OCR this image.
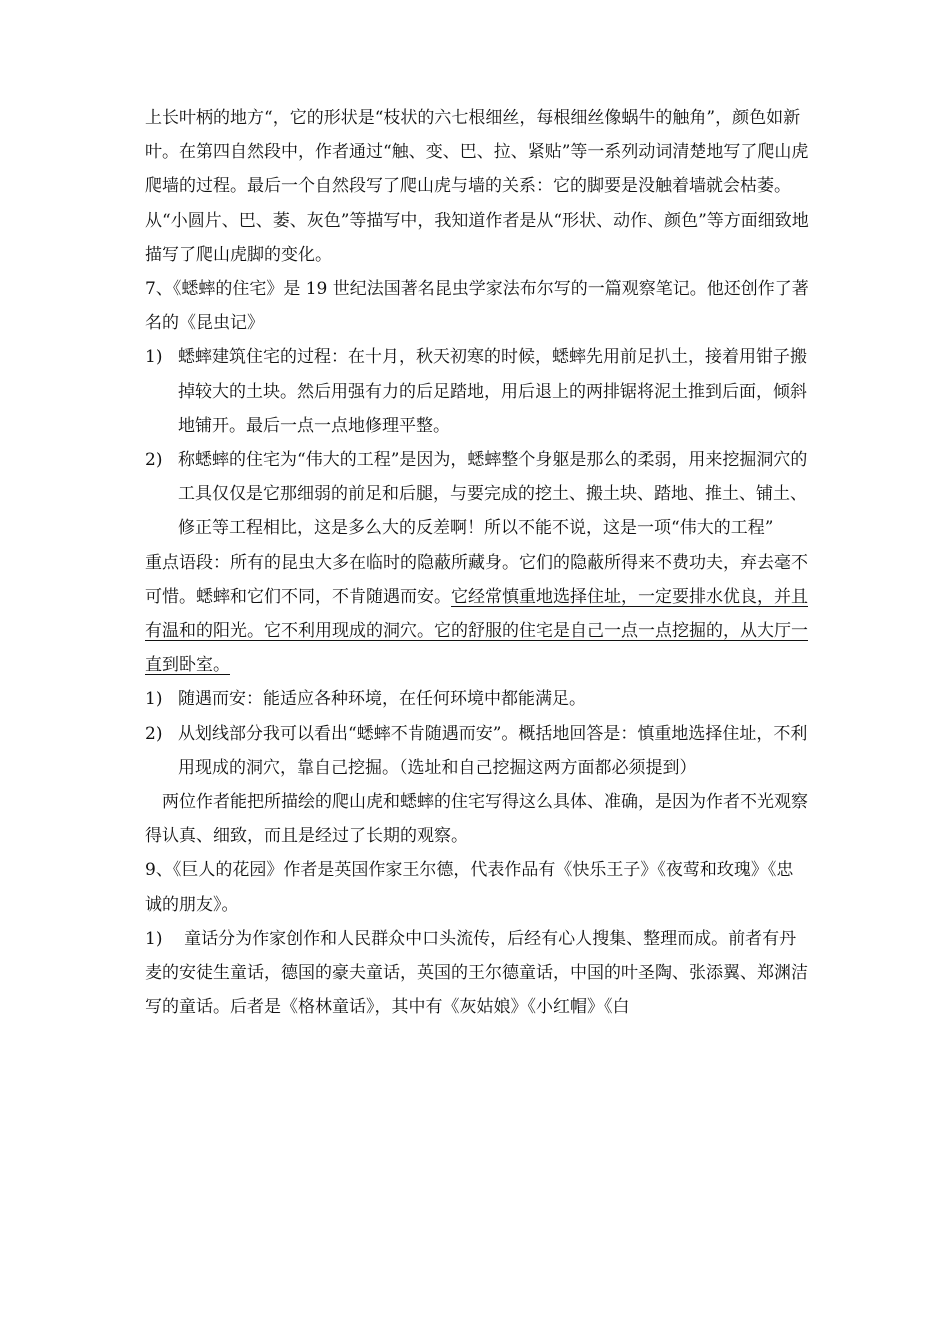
上长叶柄的地方“，它的形状是“枝状的六七根细丝，每根细丝像蜗牛的触角”，颜色如新叶。在第四自然段中，作者通过“触、变、巴、拉、紧贴”等一系列动词清楚地写了爬山虎爬墙的过程。最后一个自然段写了爬山虎与墙的关系：它的脚要是没触着墙就会枯萎。从“小圆片、巴、萎、灰色”等描写中，我知道作者是从“形状、动作、颜色”等方面细致地描写了爬山虎脚的变化。

7、《蟋蟀的住宅》是 19 世纪法国著名昆虫学家法布尔写的一篇观察笔记。他还创作了著名的《昆虫记》

1) 蟋蟀建筑住宅的过程：在十月，秋天初寒的时候，蟋蟀先用前足扒土，接着用钳子搬掉较大的土块。然后用强有力的后足踏地，用后退上的两排锯将泥土推到后面，倾斜地铺开。最后一点一点地修理平整。

2) 称蟋蟀的住宅为“伟大的工程”是因为，蟋蟀整个身躯是那么的柔弱，用来挖掘洞穴的工具仅仅是它那细弱的前足和后腿，与要完成的挖土、搬土块、踏地、推土、铺土、修正等工程相比，这是多么大的反差啊！所以不能不说，这是一项“伟大的工程”

重点语段：所有的昆虫大多在临时的隐蔽所藏身。它们的隐蔽所得来不费功夫，弃去毫不可惜。蟋蟀和它们不同，不肯随遇而安。它经常慎重地选择住址，一定要排水优良，并且有温和的阳光。它不利用现成的洞穴。它的舒服的住宅是自己一点一点挖掘的，从大厅一直到卧室。

1) 随遇而安：能适应各种环境，在任何环境中都能满足。

2) 从划线部分我可以看出“蟋蟀不肯随遇而安”。概括地回答是：慎重地选择住址，不利用现成的洞穴，靠自己挖掘。（选址和自己挖掘这两方面都必须提到）

两位作者能把所描绘的爬山虎和蟋蟀的住宅写得这么具体、准确，是因为作者不光观察得认真、细致，而且是经过了长期的观察。

9、《巨人的花园》作者是英国作家王尔德，代表作品有《快乐王子》《夜莺和玫瑰》《忠诚的朋友》。

1) 童话分为作家创作和人民群众中口头流传，后经有心人搜集、整理而成。前者有丹麦的安徒生童话，德国的豪夫童话，英国的王尔德童话，中国的叶圣陶、张添翼、郑渊洁写的童话。后者是《格林童话》，其中有《灰姑娘》《小红帽》《白
